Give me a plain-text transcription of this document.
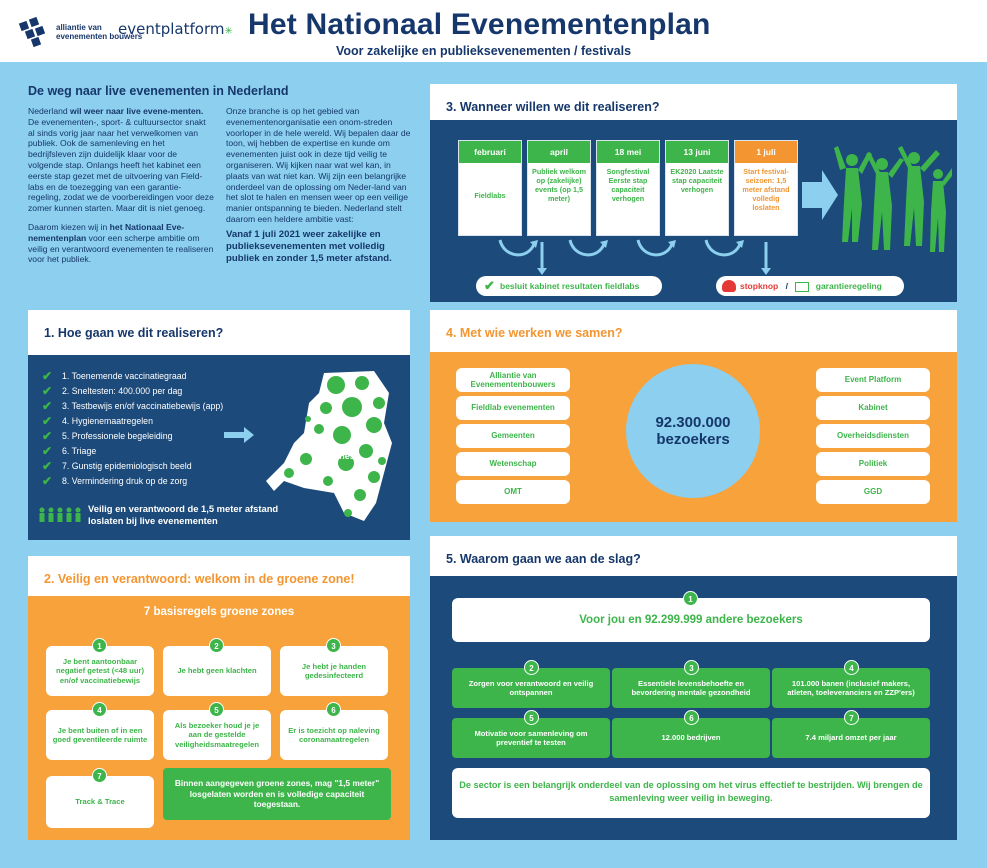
alliantie van evenementen bouwers
eventplatform✳ Het Nationaal Evenementenplan
Voor zakelijke en publieksevenementen / festivals
De weg naar live evenementen in Nederland

Nederland wil weer naar live evene-menten. De evenementen-, sport- & cultuursector snakt al sinds vorig jaar naar het verwelkomen van publiek. Ook de samenleving en het bedrijfsleven zijn duidelijk klaar voor de volgende stap. Onlangs heeft het kabinet een eerste stap gezet met de uitvoering van Field-labs en de toezegging van een garantie-regeling, zodat we de voorbereidingen voor deze zomer kunnen starten. Maar dit is niet genoeg.

Daarom kiezen wij in het Nationaal Eve-nementenplan voor een scherpe ambitie om veilig en verantwoord evenementen te realiseren voor het publiek.

Onze branche is op het gebied van evenementenorganisatie een onom-streden voorloper in de hele wereld. Wij bepalen daar de toon, wij hebben de expertise en kunde om evenementen juist ook in deze tijd veilig te organiseren. Wij kijken naar wat wel kan, in plaats van wat niet kan. Wij zijn een belangrijke onderdeel van de oplossing om Neder-land van het slot te halen en mensen weer op een veilige manier ontspanning te bieden. Nederland stelt daarom een heldere ambitie vast:

Vanaf 1 juli 2021 weer zakelijke en publieksevenementen met volledig publiek en zonder 1,5 meter afstand.

1. Hoe gaan we dit realiseren?
✔ 1. Toenemende vaccinatiegraad
✔ 2. Sneltesten: 400.000 per dag
✔ 3. Testbewijs en/of vaccinatiebewijs (app)
✔ 4. Hygienemaatregelen
✔ 5. Professionele begeleiding
✔ 6. Triage
✔ 7. Gunstig epidemiologisch beeld
✔ 8. Vermindering druk op de zorg
Groene zones
Veilig en verantwoord de 1,5 meter afstand loslaten bij live evenementen
2. Veilig en verantwoord: welkom in de groene zone!
7 basisregels groene zones
Je bent aantoonbaar negatief getest (<48 uur) en/of vaccinatiebewijs
1
Je hebt geen klachten
2
Je hebt je handen gedesinfecteerd
3
Je bent buiten of in een goed geventileerde ruimte
4
Als bezoeker houd je je aan de gestelde veiligheidsmaatregelen
5
Er is toezicht op naleving coronamaatregelen
6
Track & Trace
7
Binnen aangegeven groene zones, mag "1,5 meter" losgelaten worden en is volledige capaciteit toegestaan.
3. Wanneer willen we dit realiseren?
februari
Fieldlabs
april
Publiek welkom op (zakelijke) events (op 1,5 meter)
18 mei
Songfestival Eerste stap capaciteit verhogen
13 juni
EK2020 Laatste stap capaciteit verhogen
1 juli
Start festival-seizoen: 1,5 meter afstand volledig loslaten
✔ besluit kabinet resultaten fieldlabs	stopknop /	garantieregeling
4. Met wie werken we samen?
Alliantie van Evenementenbouwers
Fieldlab evenementen
Gemeenten
Wetenschap
OMT
Event Platform
Kabinet
Overheidsdiensten
Politiek
GGD
92.300.000
bezoekers
5. Waarom gaan we aan de slag?
Voor jou en 92.299.999 andere bezoekers
1
Zorgen voor verantwoord en veilig ontspannen
2
Essentiele levensbehoefte en bevordering mentale gezondheid
3
101.000 banen (inclusief makers, atleten, toeleveranciers en ZZP'ers)
4
Motivatie voor samenleving om preventief te testen
5
12.000 bedrijven
6
7.4 miljard omzet per jaar
7
De sector is een belangrijk onderdeel van de oplossing om het virus effectief te bestrijden. Wij brengen de samenleving weer veilig in beweging.
